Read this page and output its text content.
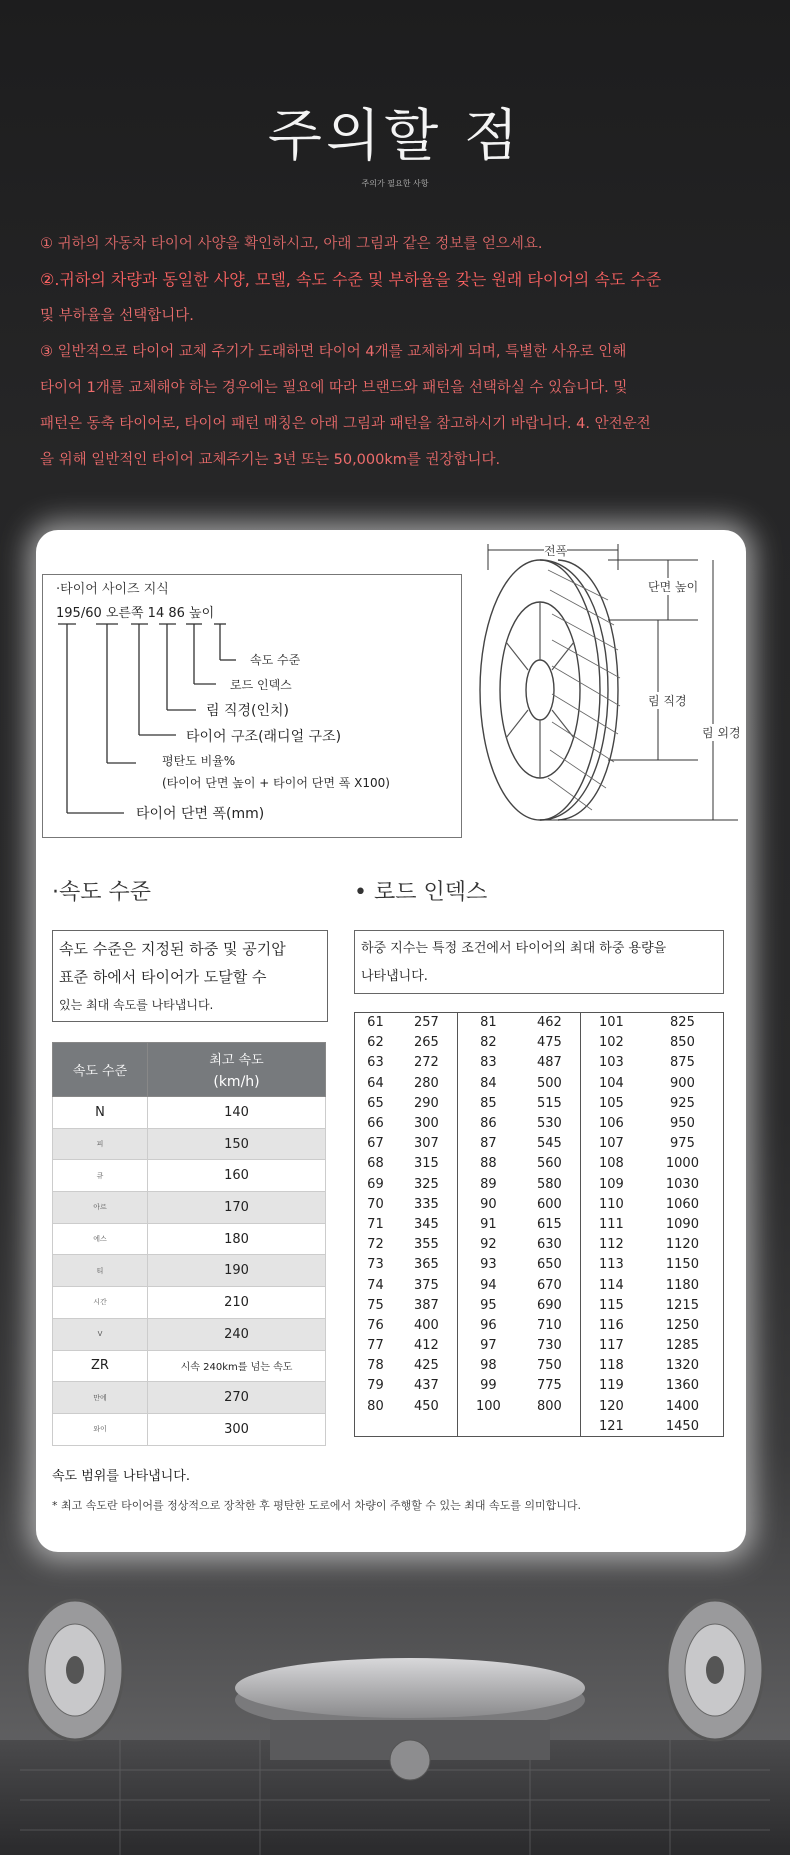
주의할 점
주의가 필요한 사항

① 귀하의 자동차 타이어 사양을 확인하시고, 아래 그림과 같은 정보를 얻으세요.

②.귀하의 차량과 동일한 사양, 모델, 속도 수준 및 부하율을 갖는 원래 타이어의 속도 수준

및 부하율을 선택합니다.

③ 일반적으로 타이어 교체 주기가 도래하면 타이어 4개를 교체하게 되며, 특별한 사유로 인해

타이어 1개를 교체해야 하는 경우에는 필요에 따라 브랜드와 패턴을 선택하실 수 있습니다. 및

패턴은 동축 타이어로, 타이어 패턴 매칭은 아래 그림과 패턴을 참고하시기 바랍니다. 4. 안전운전

을 위해 일반적인 타이어 교체주기는 3년 또는 50,000km를 권장합니다.

·타이어 사이즈 지식
195/60 오른쪽 14 86 높이
속도 수준
로드 인덱스
림 직경(인치)
타이어 구조(래디얼 구조)
평탄도 비율%
(타이어 단면 높이 + 타이어 단면 폭 X100)
타이어 단면 폭(mm)
전폭
단면 높이
림 직경
림 외경
·속도 수준
속도 수준은 지정된 하중 및 공기압
표준 하에서 타이어가 도달할 수
있는 최대 속도를 나타냅니다.
속도 수준	최고 속도
(km/h)

N	140
피	150
큐	160
아르	170
에스	180
티	190
시간	210
V	240
ZR	시속 240km를 넘는 속도
만에	270
와이	300
• 로드 인덱스
하중 지수는 특정 조건에서 타이어의 최대 하중 용량을
나타냅니다.
61	257	81	462	101	825
62	265	82	475	102	850
63	272	83	487	103	875
64	280	84	500	104	900
65	290	85	515	105	925
66	300	86	530	106	950
67	307	87	545	107	975
68	315	88	560	108	1000
69	325	89	580	109	1030
70	335	90	600	110	1060
71	345	91	615	111	1090
72	355	92	630	112	1120
73	365	93	650	113	1150
74	375	94	670	114	1180
75	387	95	690	115	1215
76	400	96	710	116	1250
77	412	97	730	117	1285
78	425	98	750	118	1320
79	437	99	775	119	1360
80	450	100	800	120	1400
				121	1450
속도 범위를 나타냅니다.
* 최고 속도란 타이어를 정상적으로 장착한 후 평탄한 도로에서 차량이 주행할 수 있는 최대 속도를 의미합니다.
